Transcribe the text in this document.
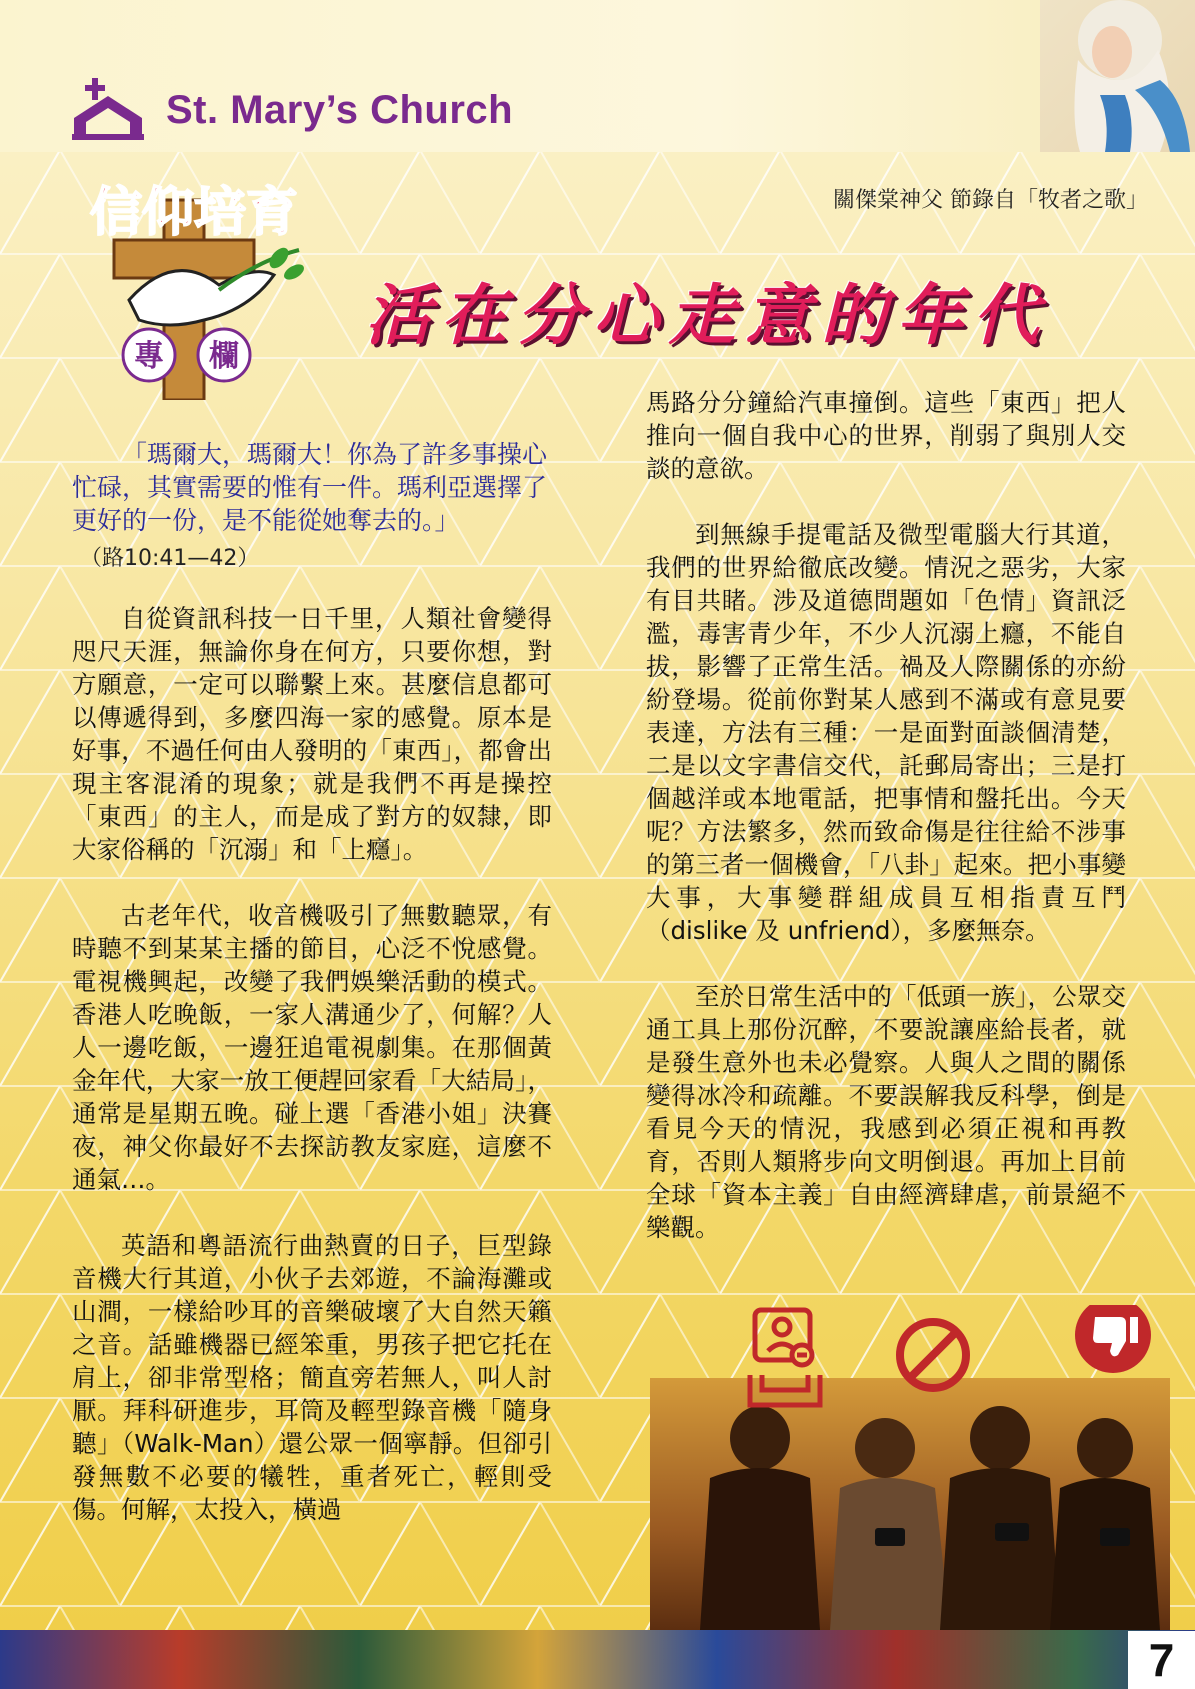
St. Mary’s Church
關傑棠神父 節錄自「牧者之歌」
信仰培育
專 欄
活在分心走意的年代
「瑪爾大，瑪爾大！你為了許多事操心忙碌，其實需要的惟有一件。瑪利亞選擇了更好的一份，是不能從她奪去的。」
（路10:41—42）

自從資訊科技一日千里，人類社會變得咫尺天涯，無論你身在何方，只要你想，對方願意，一定可以聯繫上來。甚麼信息都可以傳遞得到，多麼四海一家的感覺。原本是好事，不過任何由人發明的「東西」，都會出現主客混淆的現象；就是我們不再是操控「東西」的主人，而是成了對方的奴隸，即大家俗稱的「沉溺」和「上癮」。

古老年代，收音機吸引了無數聽眾，有時聽不到某某主播的節目，心泛不悅感覺。電視機興起，改變了我們娛樂活動的模式。香港人吃晚飯，一家人溝通少了，何解？人人一邊吃飯，一邊狂追電視劇集。在那個黃金年代，大家一放工便趕回家看「大結局」，通常是星期五晚。碰上選「香港小姐」決賽夜，神父你最好不去探訪教友家庭，這麼不通氣…。

英語和粵語流行曲熱賣的日子，巨型錄音機大行其道，小伙子去郊遊，不論海灘或山澗，一樣給吵耳的音樂破壞了大自然天籟之音。話雖機器已經笨重，男孩子把它托在肩上，卻非常型格；簡直旁若無人，叫人討厭。拜科研進步，耳筒及輕型錄音機「隨身聽」（Walk-Man）還公眾一個寧靜。但卻引發無數不必要的犧牲，重者死亡，輕則受傷。何解，太投入，橫過

馬路分分鐘給汽車撞倒。這些「東西」把人推向一個自我中心的世界，削弱了與別人交談的意欲。

到無線手提電話及微型電腦大行其道，我們的世界給徹底改變。情況之惡劣，大家有目共睹。涉及道德問題如「色情」資訊泛濫，毒害青少年，不少人沉溺上癮，不能自拔，影響了正常生活。禍及人際關係的亦紛紛登場。從前你對某人感到不滿或有意見要表達，方法有三種：一是面對面談個清楚，二是以文字書信交代，託郵局寄出；三是打個越洋或本地電話，把事情和盤托出。今天呢？方法繁多，然而致命傷是往往給不涉事的第三者一個機會，「八卦」起來。把小事變大事，大事變群組成員互相指責互鬥（dislike 及 unfriend），多麼無奈。

至於日常生活中的「低頭一族」，公眾交通工具上那份沉醉，不要說讓座給長者，就是發生意外也未必覺察。人與人之間的關係變得冰冷和疏離。不要誤解我反科學，倒是看見今天的情況，我感到必須正視和再教育，否則人類將步向文明倒退。再加上目前全球「資本主義」自由經濟肆虐，前景絕不樂觀。

7
